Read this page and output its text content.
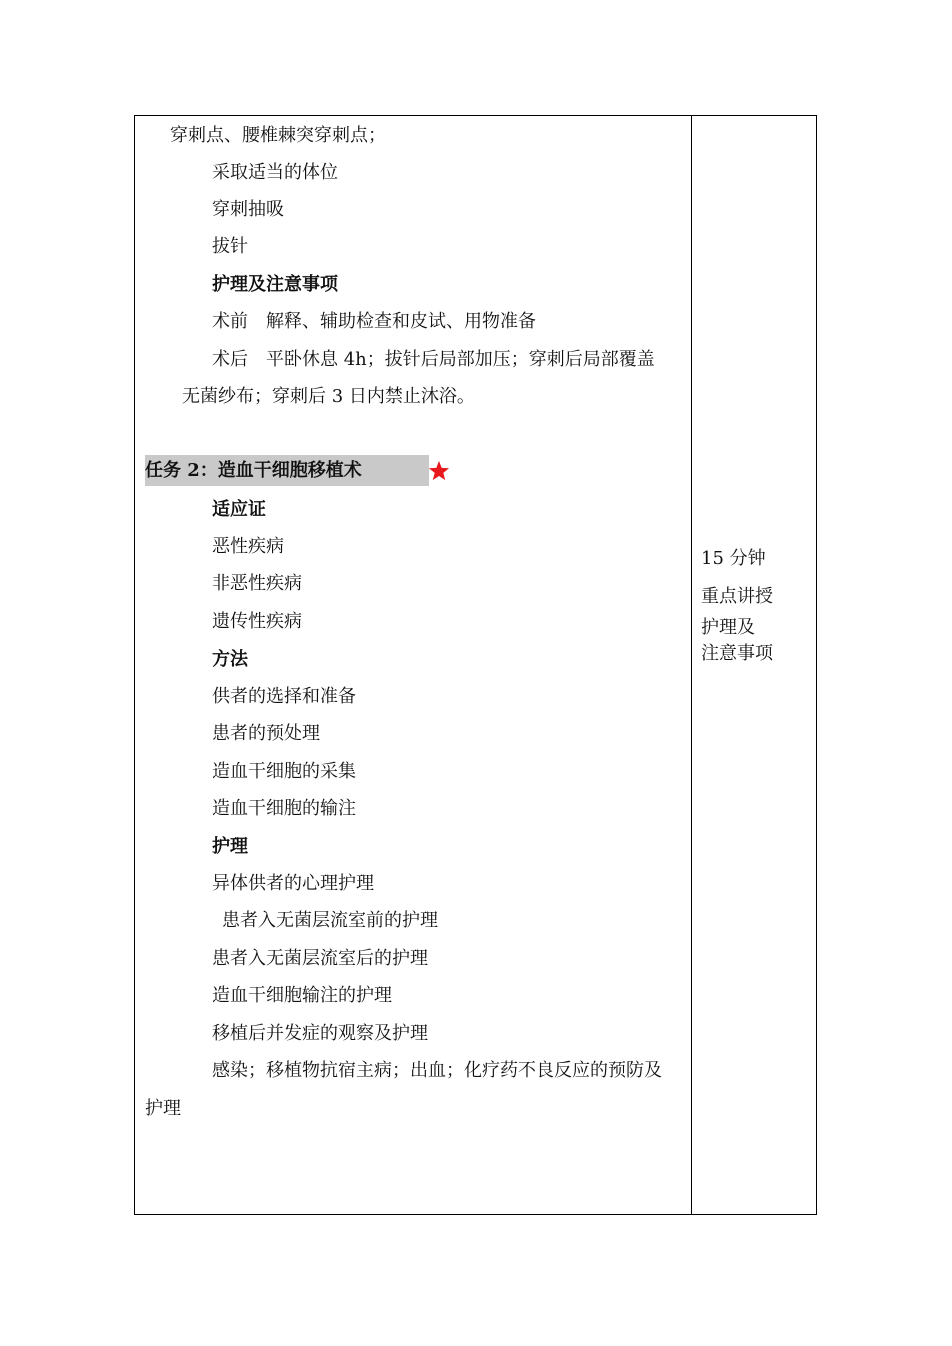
穿刺点、腰椎棘突穿刺点；
采取适当的体位
穿刺抽吸
拔针
护理及注意事项
术前　解释、辅助检查和皮试、用物准备
术后　平卧休息 4h；拔针后局部加压；穿刺后局部覆盖
无菌纱布；穿刺后 3 日内禁止沐浴。
任务 2：造血干细胞移植术
适应证
恶性疾病
非恶性疾病
遗传性疾病
方法
供者的选择和准备
患者的预处理
造血干细胞的采集
造血干细胞的输注
护理
异体供者的心理护理
患者入无菌层流室前的护理
患者入无菌层流室后的护理
造血干细胞输注的护理
移植后并发症的观察及护理
感染；移植物抗宿主病；出血；化疗药不良反应的预防及
护理
15 分钟
重点讲授
护理及
注意事项
